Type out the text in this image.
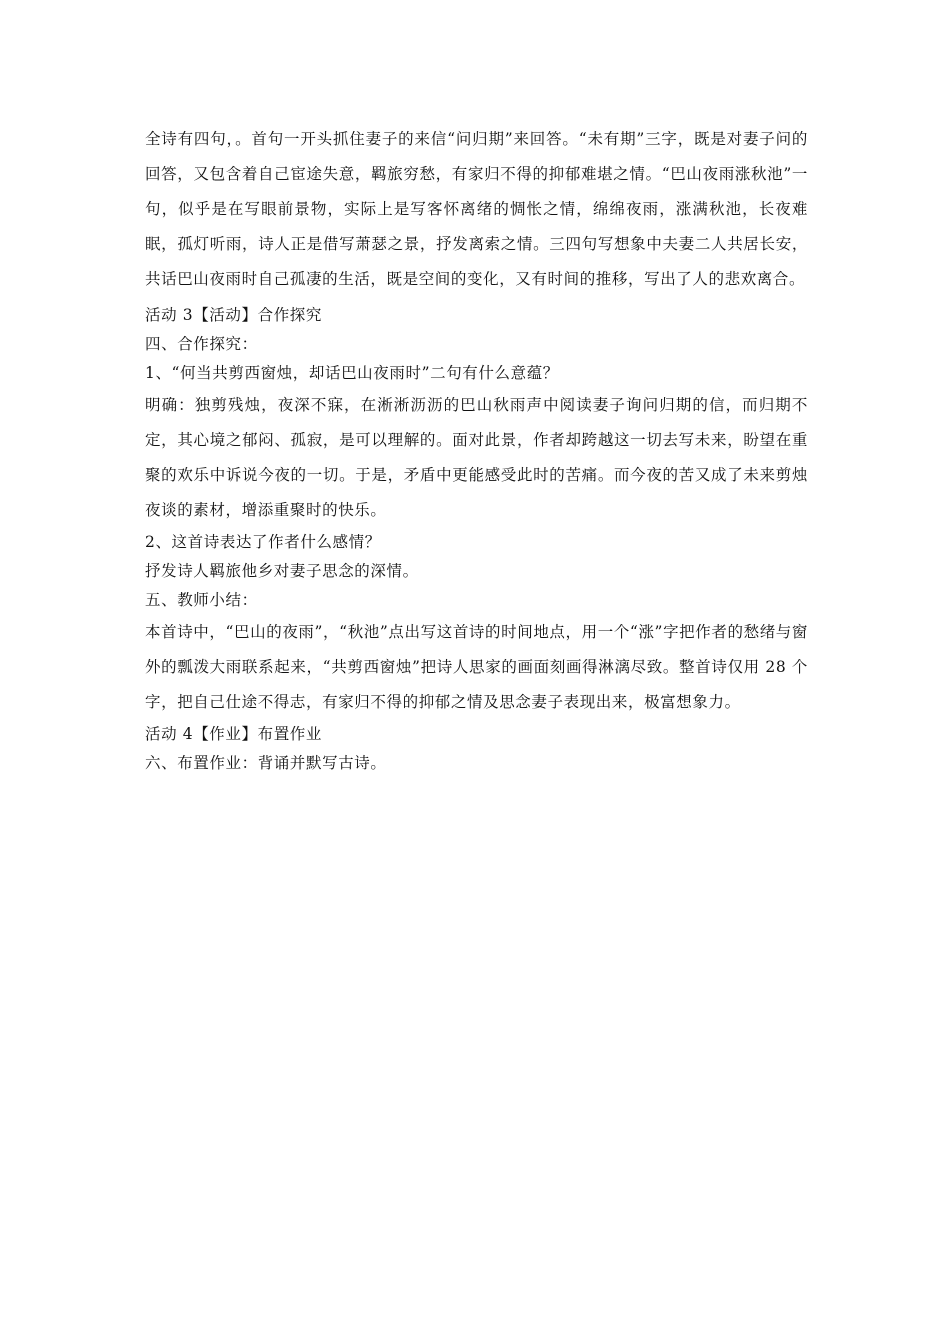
全诗有四句，。首句一开头抓住妻子的来信“问归期”来回答。“未有期”三字，既是对妻子问的回答，又包含着自己宦途失意，羁旅穷愁，有家归不得的抑郁难堪之情。“巴山夜雨涨秋池”一句，似乎是在写眼前景物，实际上是写客怀离绪的惆怅之情，绵绵夜雨，涨满秋池，长夜难眠，孤灯听雨，诗人正是借写萧瑟之景，抒发离索之情。三四句写想象中夫妻二人共居长安，共话巴山夜雨时自己孤凄的生活，既是空间的变化，又有时间的推移，写出了人的悲欢离合。

活动 3【活动】合作探究

四、合作探究：

1、“何当共剪西窗烛，却话巴山夜雨时”二句有什么意蕴？

明确：独剪残烛，夜深不寐，在淅淅沥沥的巴山秋雨声中阅读妻子询问归期的信，而归期不定，其心境之郁闷、孤寂，是可以理解的。面对此景，作者却跨越这一切去写未来，盼望在重聚的欢乐中诉说今夜的一切。于是，矛盾中更能感受此时的苦痛。而今夜的苦又成了未来剪烛夜谈的素材，增添重聚时的快乐。

2、这首诗表达了作者什么感情？

抒发诗人羁旅他乡对妻子思念的深情。

五、教师小结：

本首诗中，“巴山的夜雨”，“秋池”点出写这首诗的时间地点，用一个“涨”字把作者的愁绪与窗外的瓢泼大雨联系起来，“共剪西窗烛”把诗人思家的画面刻画得淋漓尽致。整首诗仅用 28 个字，把自己仕途不得志，有家归不得的抑郁之情及思念妻子表现出来，极富想象力。

活动 4【作业】布置作业

六、布置作业：背诵并默写古诗。
